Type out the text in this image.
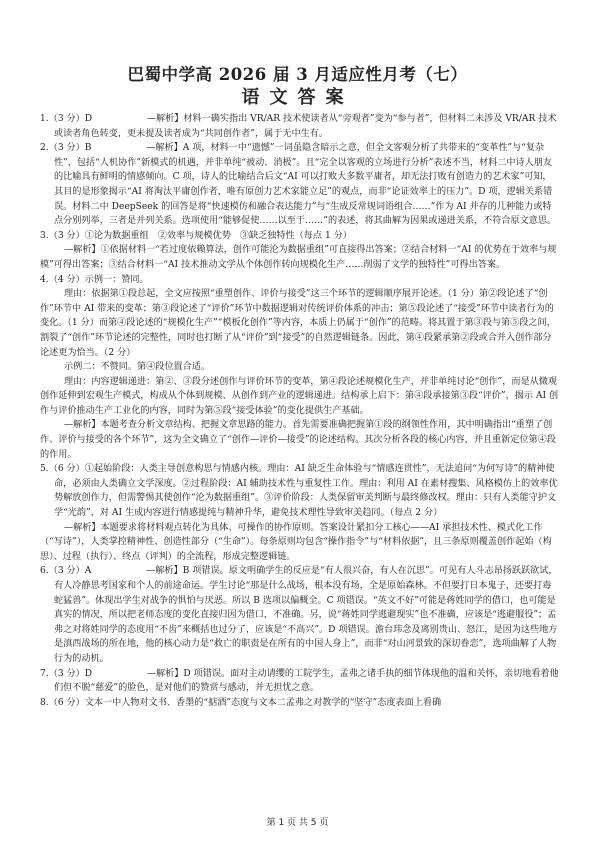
巴蜀中学高 2026 届 3 月适应性月考（七）
语文答案

1.（3 分）D　　　　　　—解析】材料一确实指出 VR/AR 技术使读者从“旁观者”变为“参与者”，但材料二未涉及 VR/AR 技术或读者角色转变，更未提及读者成为“共同创作者”，属于无中生有。

2.（3 分）B　　　　　　—解析】A 项，材料一中“遗憾”一词虽隐含暗示之意，但全文客观分析了共带来的“变革性”与“复杂性”，包括“人机协作”新模式的机遇，并非单纯“被动、消极”。且“完全以客观的立场进行分析”表述不当，材料二中诗人朋友的比喻具有鲜明的情感倾向。C 项，诗人的比喻结合后文“AI 可以打败大多数平庸者，却无法打败有创造力的艺术家”可知，其目的是形象揭示“AI 将淘汰平庸创作者，唯有原创力艺术家能立足”的观点，而非“论证效率上的压力”。D 项，逻辑关系错误。材料二中 DeepSeek 的回答是将“快速模仿和融合表达能力”与“生成反常规词语组合……”作为 AI 并存的几种能力或特点分别列举，三者是并列关系。选项使用“能够促使……以至于……”的表述，将其曲解为因果或递进关系，不符合原文意思。

3.（3 分）①论为数据重组　②效率与规模优势　③缺乏独特性（每点 1 分）

—解析】①依据材料一“若过度依赖算法，创作可能沦为数据重组”可直接得出答案；②结合材料一“AI 的优势在于效率与规模”可得出答案；③结合材料一“AI 技术推动文学从个体创作转向规模化生产……削弱了文学的独特性”可得出答案。

4.（4 分）示例一：赞同。

理由：依据第①段总起，全文应按照“重塑创作、评价与接受”这三个环节的逻辑顺序展开论述。（1 分）第②段论述了“创作”环节中 AI 带来的变革；第③段论述了“评价”环节中数据逻辑对传统评价体系的冲击；第⑤段论述了“接受”环节中读者行为的变化。（1 分）而第④段论述的“规模化生产”“模板化创作”等内容，本质上仍属于“创作”的范畴。将其置于第③段与第⑤段之间，割裂了“创作”环节论述的完整性，同时也打断了从“评价”到“接受”的自然逻辑链条。因此，第④段紧承第②段或合并入创作部分论述更为恰当。（2 分）

示例二：不赞同。第④段位置合适。

理由：内容逻辑递进：第②、③段分述创作与评价环节的变革，第④段论述规模化生产，并非单纯讨论“创作”，而是从微观创作延伸到宏观生产模式，构成从个体到规模、从创作到产业的逻辑递进。结构承上启下：第④段承接第③段“评价”，揭示 AI 创作与评价推动生产工业化的内容，同时为第⑤段“接受体验”的变化提供生产基础。

—解析】本题考查分析文章结构、把握文章思路的能力。首先需要准确把握第①段的纲领性作用，其中明确指出“重塑了创作、评价与接受的各个环节”，这为全文确立了“创作—评价—接受”的论述结构。其次分析各段的核心内容，并且重新定位第④段的作用。

5.（6 分）①起始阶段：人类主导创意构思与情感内核。理由：AI 缺乏生命体验与“情感连贯性”，无法追问“为何写诗”的精神使命，必须由人类确立文学深度。②过程阶段：AI 辅助技术性与重复性工作。理由：利用 AI 在素材搜集、风格模仿上的效率优势解放创作力，但需警惕其使创作“沦为数据重组”。③评价阶段：人类保留审美判断与最终修改权。理由：只有人类能守护文学“光韵”，对 AI 生成内容进行情感提纯与精神升华，避免技术理性导致审美趋同。（每点 2 分）

—解析】本题要求将材料观点转化为具体、可操作的协作原则。答案设计紧扣分工核心——AI 承担技术性、模式化工作（“写诗”），人类掌控精神性、创造性部分（“生命”）。每条原则均包含“操作指令”与“材料依据”，且三条原则覆盖创作起始（构思）、过程（执行）、终点（评判）的全流程，形成完整逻辑链。

6.（3 分）A　　　　　　—解析】B 项错误。原文明确学生的反应是“有人很兴奋，有人在沉思”。可见有人斗志昂扬跃跃欲试，有人冷静思考国家和个人的前途命运。学生讨论“那是什么战场，根本没有场，全是原始森林。不但要打日本鬼子，还要打毒蛇猛兽”。体现出学生对战争的惧怕与厌恶。所以 B 选项以偏概全。C 项错误。“英文不好”可能是蒋姓同学的借口，也可能是真实的情况，所以把老师态度的变化直接归因为借口，不准确。另，说“蒋姓同学逃避现实”也不准确，应该是“逃避服役”；孟弗之对将姓同学的态度用“不齿”来概括也过分了，应该是“不高兴”。D 项错误。澹台玮念及离别贵山、怒江，是因为这些地方是滇西战场的所在地，他的核心动力是“救亡的职责是在所有的中国人身上”，而非“对山河景致的深切眷恋”，选项曲解了人物行为的动机。

7.（3 分）D　　　　　　—解析】D 项错误。面对主动请缨的工院学生，孟弗之诸手执的细节体现他的温和关怀，亲切地看着他们但不脱“慈爱”的脸色，是对他们的赞赏与感动，并无担忧之意。

8.（6 分）文本一中人物对文书、香墨的“掂酒”态度与文本二孟弗之对教学的“坚守”态度表面上看确

第 1 页 共 5 页
